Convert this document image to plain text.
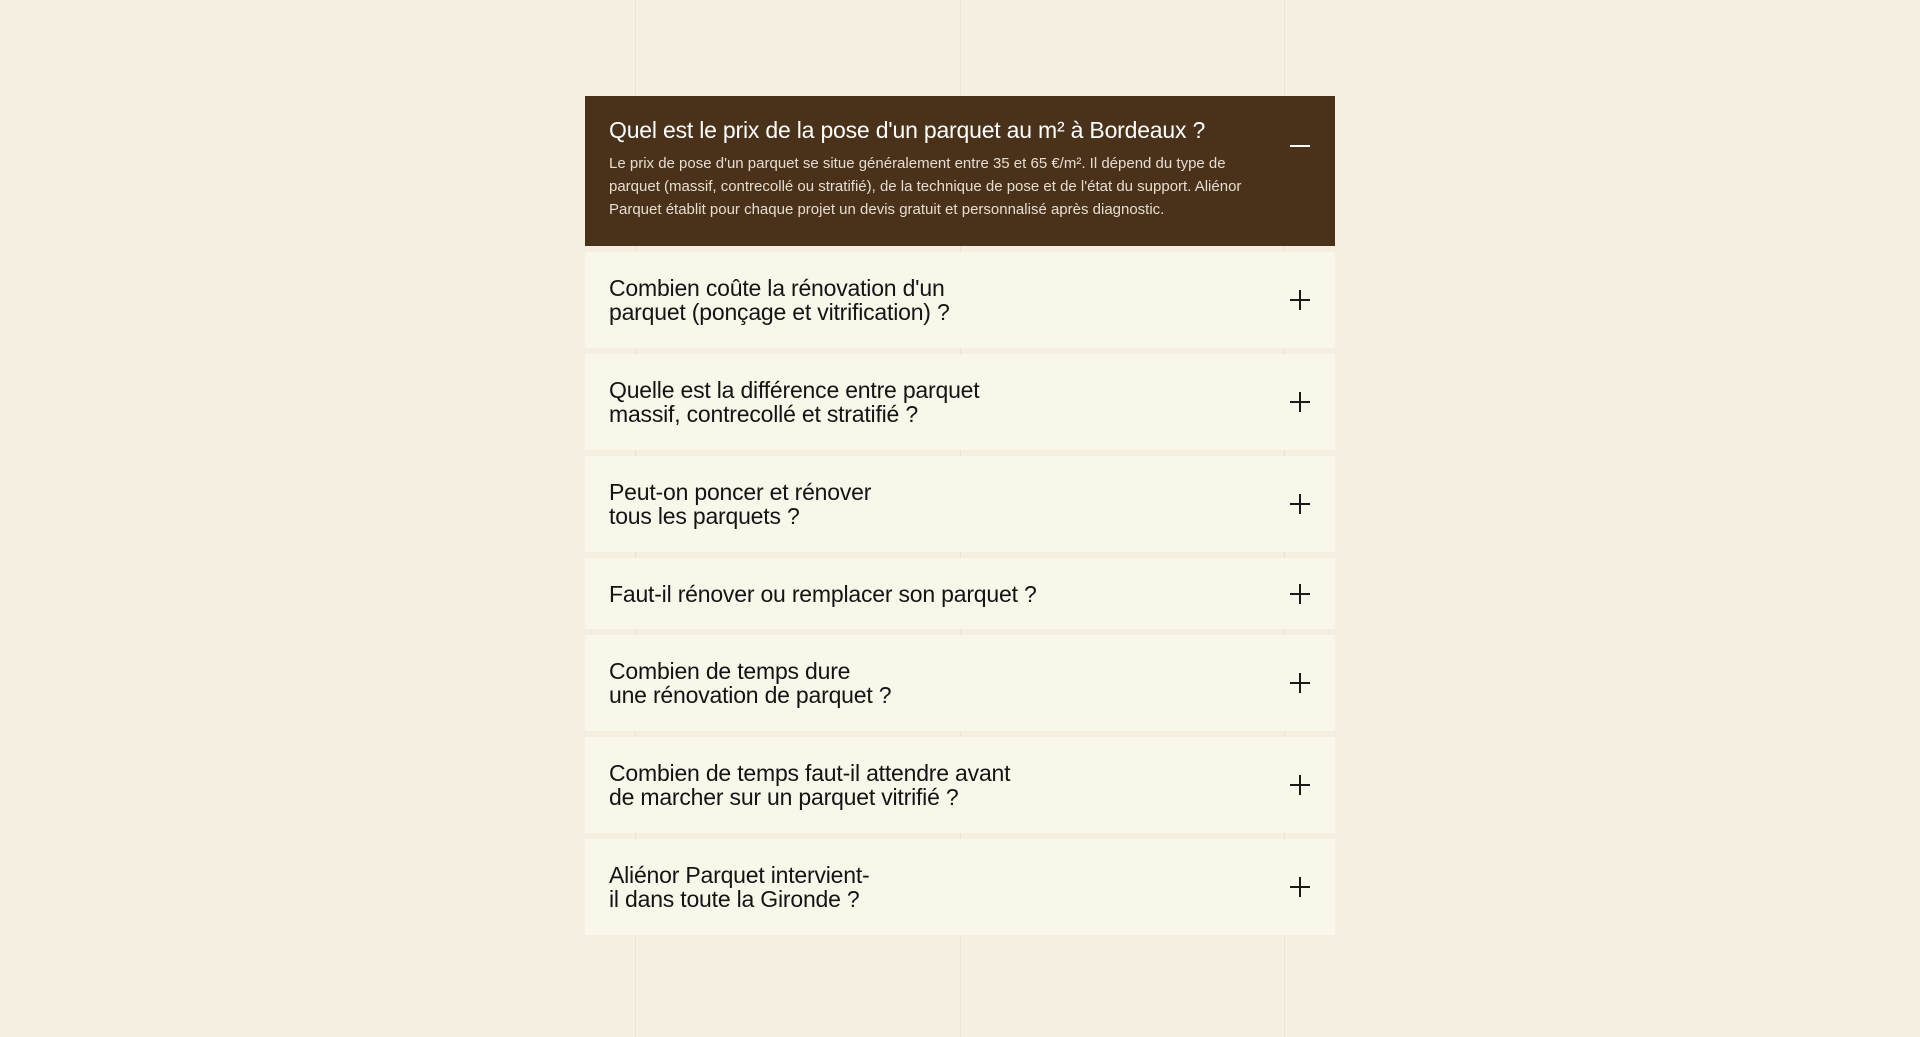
Quel est le prix de la pose d'un parquet au m² à Bordeaux ?

Le prix de pose d'un parquet se situe généralement entre 35 et 65 €/m². Il dépend du type de parquet (massif, contrecollé ou stratifié), de la technique de pose et de l'état du support. Aliénor Parquet établit pour chaque projet un devis gratuit et personnalisé après diagnostic.

Combien coûte la rénovation d'un
parquet (ponçage et vitrification) ?
Quelle est la différence entre parquet
massif, contrecollé et stratifié ?
Peut-on poncer et rénover
tous les parquets ?
Faut-il rénover ou remplacer son parquet ?
Combien de temps dure
une rénovation de parquet ?
Combien de temps faut-il attendre avant
de marcher sur un parquet vitrifié ?
Aliénor Parquet intervient-
il dans toute la Gironde ?
